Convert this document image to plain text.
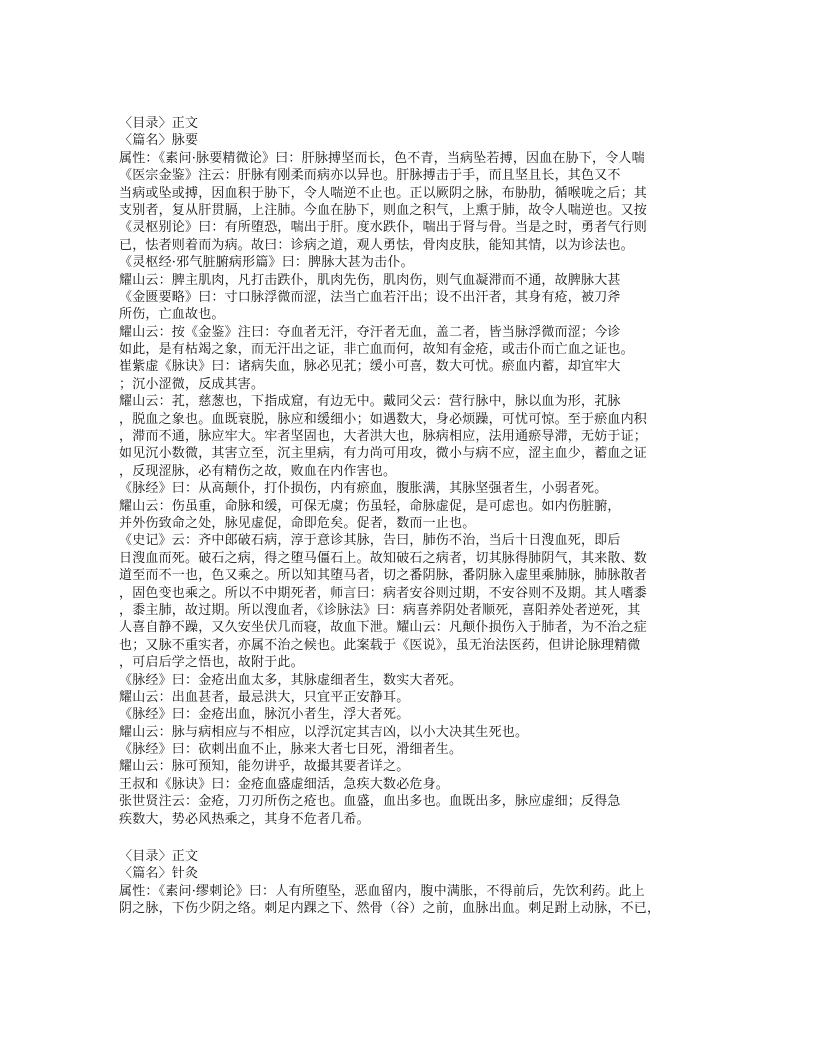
〈目录〉正文
〈篇名〉脉要
属性：《素问·脉要精微论》曰：肝脉搏坚而长，色不青，当病坠若搏，因血在胁下，令人喘
《医宗金鉴》注云：肝脉有刚柔而病亦以异也。肝脉搏击于手，而且坚且长，其色又不
当病或坠或搏，因血积于胁下，令人喘逆不止也。正以厥阴之脉，布胁肋，循喉咙之后；其
支别者，复从肝贯膈，上注肺。今血在胁下，则血之积气，上熏于肺，故令人喘逆也。又按
《灵枢别论》曰：有所堕恐，喘出于肝。度水跌仆，喘出于肾与骨。当是之时，勇者气行则
已，怯者则着而为病。故曰：诊病之道，观人勇怯，骨肉皮肤，能知其情，以为诊法也。
《灵枢经·邪气脏腑病形篇》曰：脾脉大甚为击仆。
耀山云：脾主肌肉，凡打击跌仆，肌肉先伤，肌肉伤，则气血凝滞而不通，故脾脉大甚
《金匮要略》曰：寸口脉浮微而涩，法当亡血若汗出；设不出汗者，其身有疮，被刀斧
所伤，亡血故也。
耀山云：按《金鉴》注曰：夺血者无汗，夺汗者无血，盖二者，皆当脉浮微而涩；今诊
如此，是有枯竭之象，而无汗出之证，非亡血而何，故知有金疮，或击仆而亡血之证也。
崔紫虚《脉诀》曰：诸病失血，脉必见芤；缓小可喜，数大可忧。瘀血内蓄，却宜牢大
；沉小涩微，反成其害。
耀山云：芤，慈葱也，下指成窟，有边无中。戴同父云：营行脉中，脉以血为形，芤脉
，脱血之象也。血既衰脱，脉应和缓细小；如遇数大，身必烦躁，可忧可惊。至于瘀血内积
，滞而不通，脉应牢大。牢者坚固也，大者洪大也，脉病相应，法用通瘀导滞，无妨于证；
如见沉小数微，其害立至，沉主里病，有力尚可用攻，微小与病不应，涩主血少，蓄血之证
，反现涩脉，必有精伤之故，败血在内作害也。
《脉经》曰：从高颠仆，打仆损伤，内有瘀血，腹胀满，其脉坚强者生，小弱者死。
耀山云：伤虽重，命脉和缓，可保无虞；伤虽轻，命脉虚促，是可虑也。如内伤脏腑，
并外伤致命之处，脉见虚促，命即危矣。促者，数而一止也。
《史记》云：齐中郎破石病，淳于意诊其脉，告曰，肺伤不治，当后十日溲血死，即后
日溲血而死。破石之病，得之堕马僵石上。故知破石之病者，切其脉得肺阴气，其来散、数
道至而不一也，色又乘之。所以知其堕马者，切之番阴脉，番阴脉入虚里乘肺脉，肺脉散者
，固色变也乘之。所以不中期死者，师言曰：病者安谷则过期，不安谷则不及期。其人嗜黍
，黍主肺，故过期。所以溲血者，《诊脉法》曰：病喜养阴处者顺死，喜阳养处者逆死，其
人喜自静不躁，又久安坐伏几而寝，故血下泄。耀山云：凡颠仆损伤入于肺者，为不治之症
也；又脉不重实者，亦属不治之候也。此案载于《医说》，虽无治法医药，但讲论脉理精微
，可启后学之悟也，故附于此。
《脉经》曰：金疮出血太多，其脉虚细者生，数实大者死。
耀山云：出血甚者，最忌洪大，只宜平正安静耳。
《脉经》曰：金疮出血，脉沉小者生，浮大者死。
耀山云：脉与病相应与不相应，以浮沉定其吉凶，以小大决其生死也。
《脉经》曰：砍刺出血不止，脉来大者七日死，滑细者生。
耀山云：脉可预知，能勿讲乎，故撮其要者详之。
王叔和《脉诀》曰：金疮血盛虚细活，急疾大数必危身。
张世贤注云：金疮，刀刃所伤之疮也。血盛，血出多也。血既出多，脉应虚细；反得急
疾数大，势必风热乘之，其身不危者几希。
〈目录〉正文
〈篇名〉针灸
属性：《素问·缪刺论》曰：人有所堕坠，恶血留内，腹中满胀，不得前后，先饮利药。此上
阴之脉，下伤少阴之络。刺足内踝之下、然骨（谷）之前，血脉出血。刺足跗上动脉，不已，
